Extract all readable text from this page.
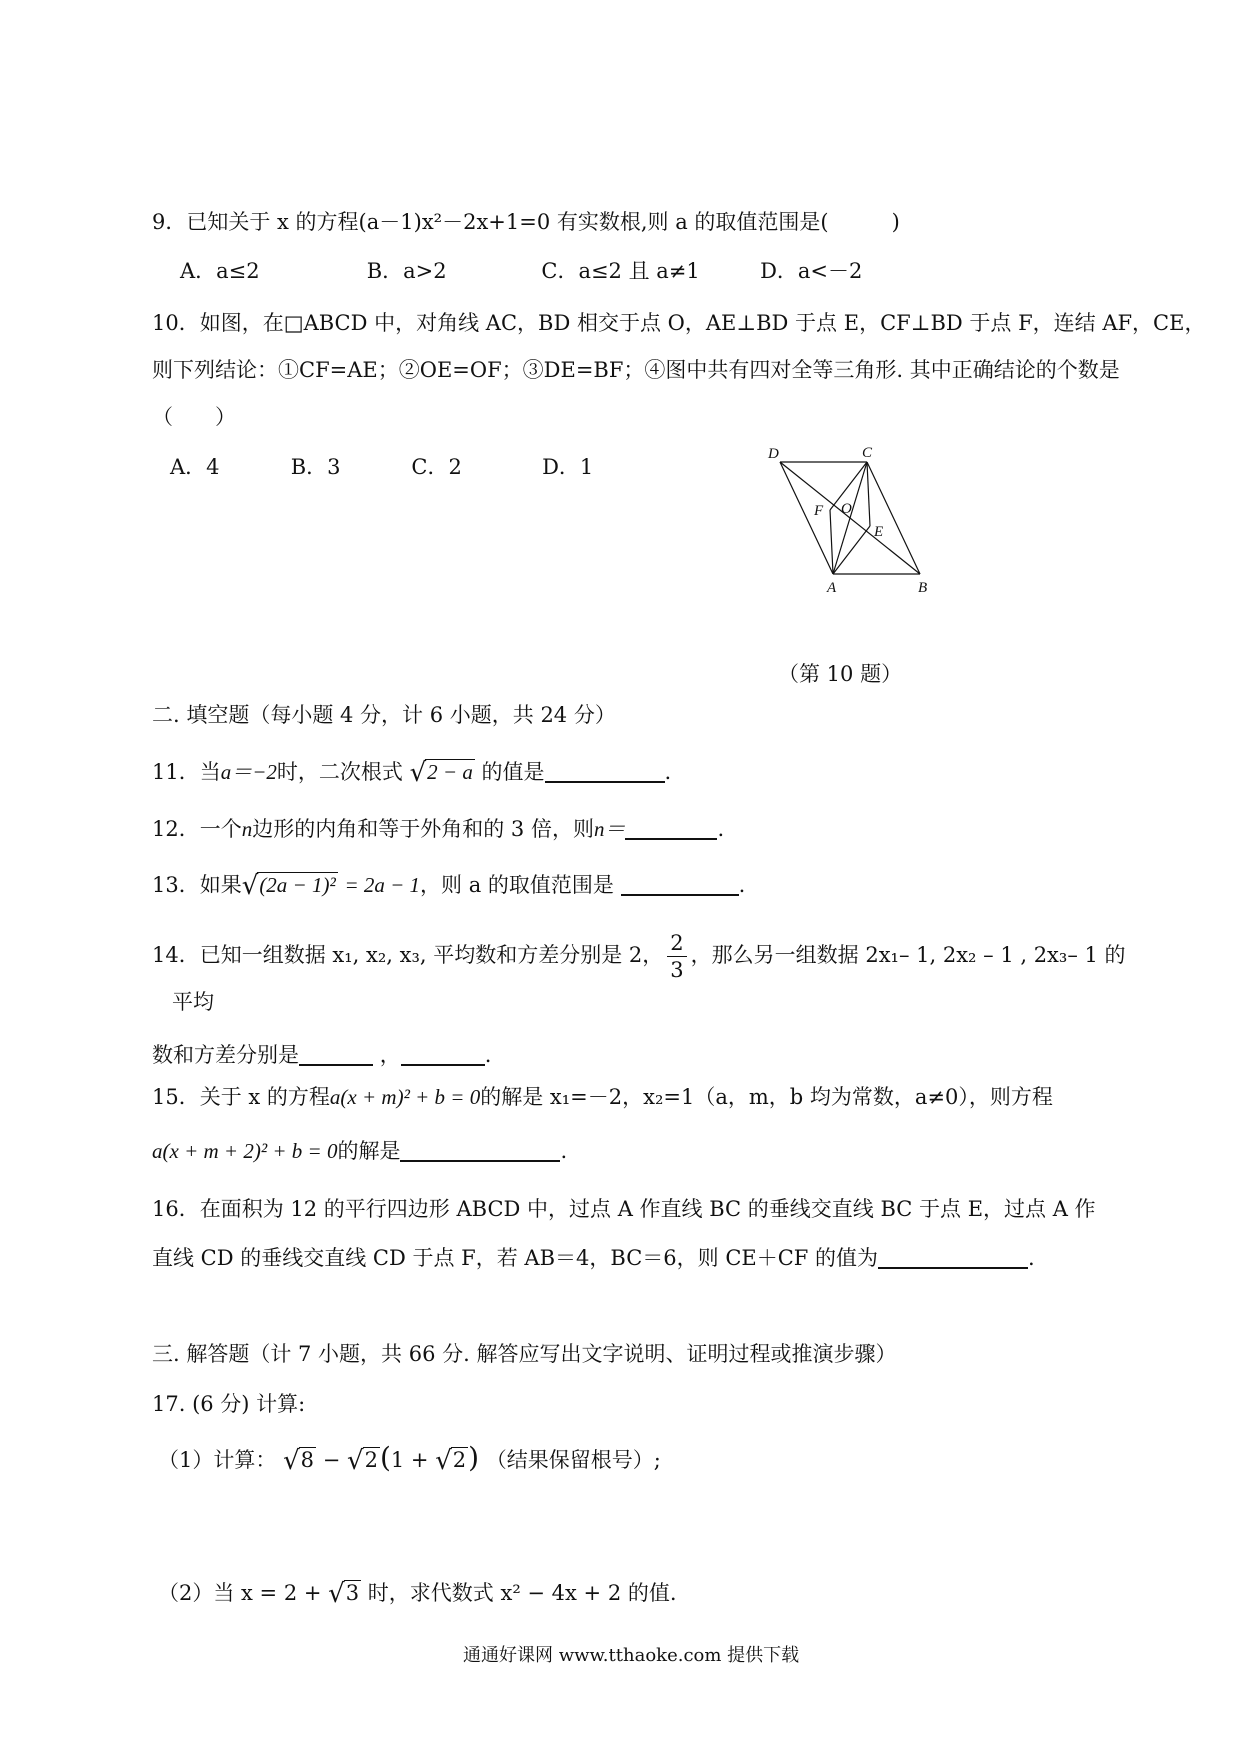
9．已知关于 x 的方程(a－1)x²－2x+1=0 有实数根,则 a 的取值范围是(　　　)
A．a≤2	B．a>2	C．a≤2 且 a≠1	D．a<－2
10．如图，在□ABCD 中，对角线 AC，BD 相交于点 O，AE⊥BD 于点 E，CF⊥BD 于点 F，连结 AF，CE，
则下列结论：①CF=AE；②OE=OF；③DE=BF；④图中共有四对全等三角形. 其中正确结论的个数是
（　　）
A．4	B．3	C．2	D．1
D	C
A	B
O
E
F
（第 10 题）
二. 填空题（每小题 4 分，计 6 小题，共 24 分）
11．当a＝−2时，二次根式 √2 − a 的值是	.
12．一个n边形的内角和等于外角和的 3 倍，则n＝	.
13．如果√(2a − 1)² = 2a − 1，则 a 的取值范围是	.
14．已知一组数据 x₁, x₂, x₃, 平均数和方差分别是 2， $\frac{2}{3}$ ，那么另一组数据 2x₁– 1, 2x₂ – 1 , 2x₃– 1 的
平均
数和方差分别是	，	.
15．关于 x 的方程a(x + m)² + b = 0的解是 x₁=－2，x₂=1（a，m，b 均为常数，a≠0），则方程
a(x + m + 2)² + b = 0的解是	.
16．在面积为 12 的平行四边形 ABCD 中，过点 A 作直线 BC 的垂线交直线 BC 于点 E，过点 A 作
直线 CD 的垂线交直线 CD 于点 F，若 AB＝4，BC＝6，则 CE＋CF 的值为	.
三. 解答题（计 7 小题，共 66 分. 解答应写出文字说明、证明过程或推演步骤）
17. (6 分) 计算:
（1）计算： √8 − √2(1 + √2) （结果保留根号）;
（2）当 x = 2 + √3 时，求代数式 x² − 4x + 2 的值.
通通好课网 www.tthaoke.com 提供下载
